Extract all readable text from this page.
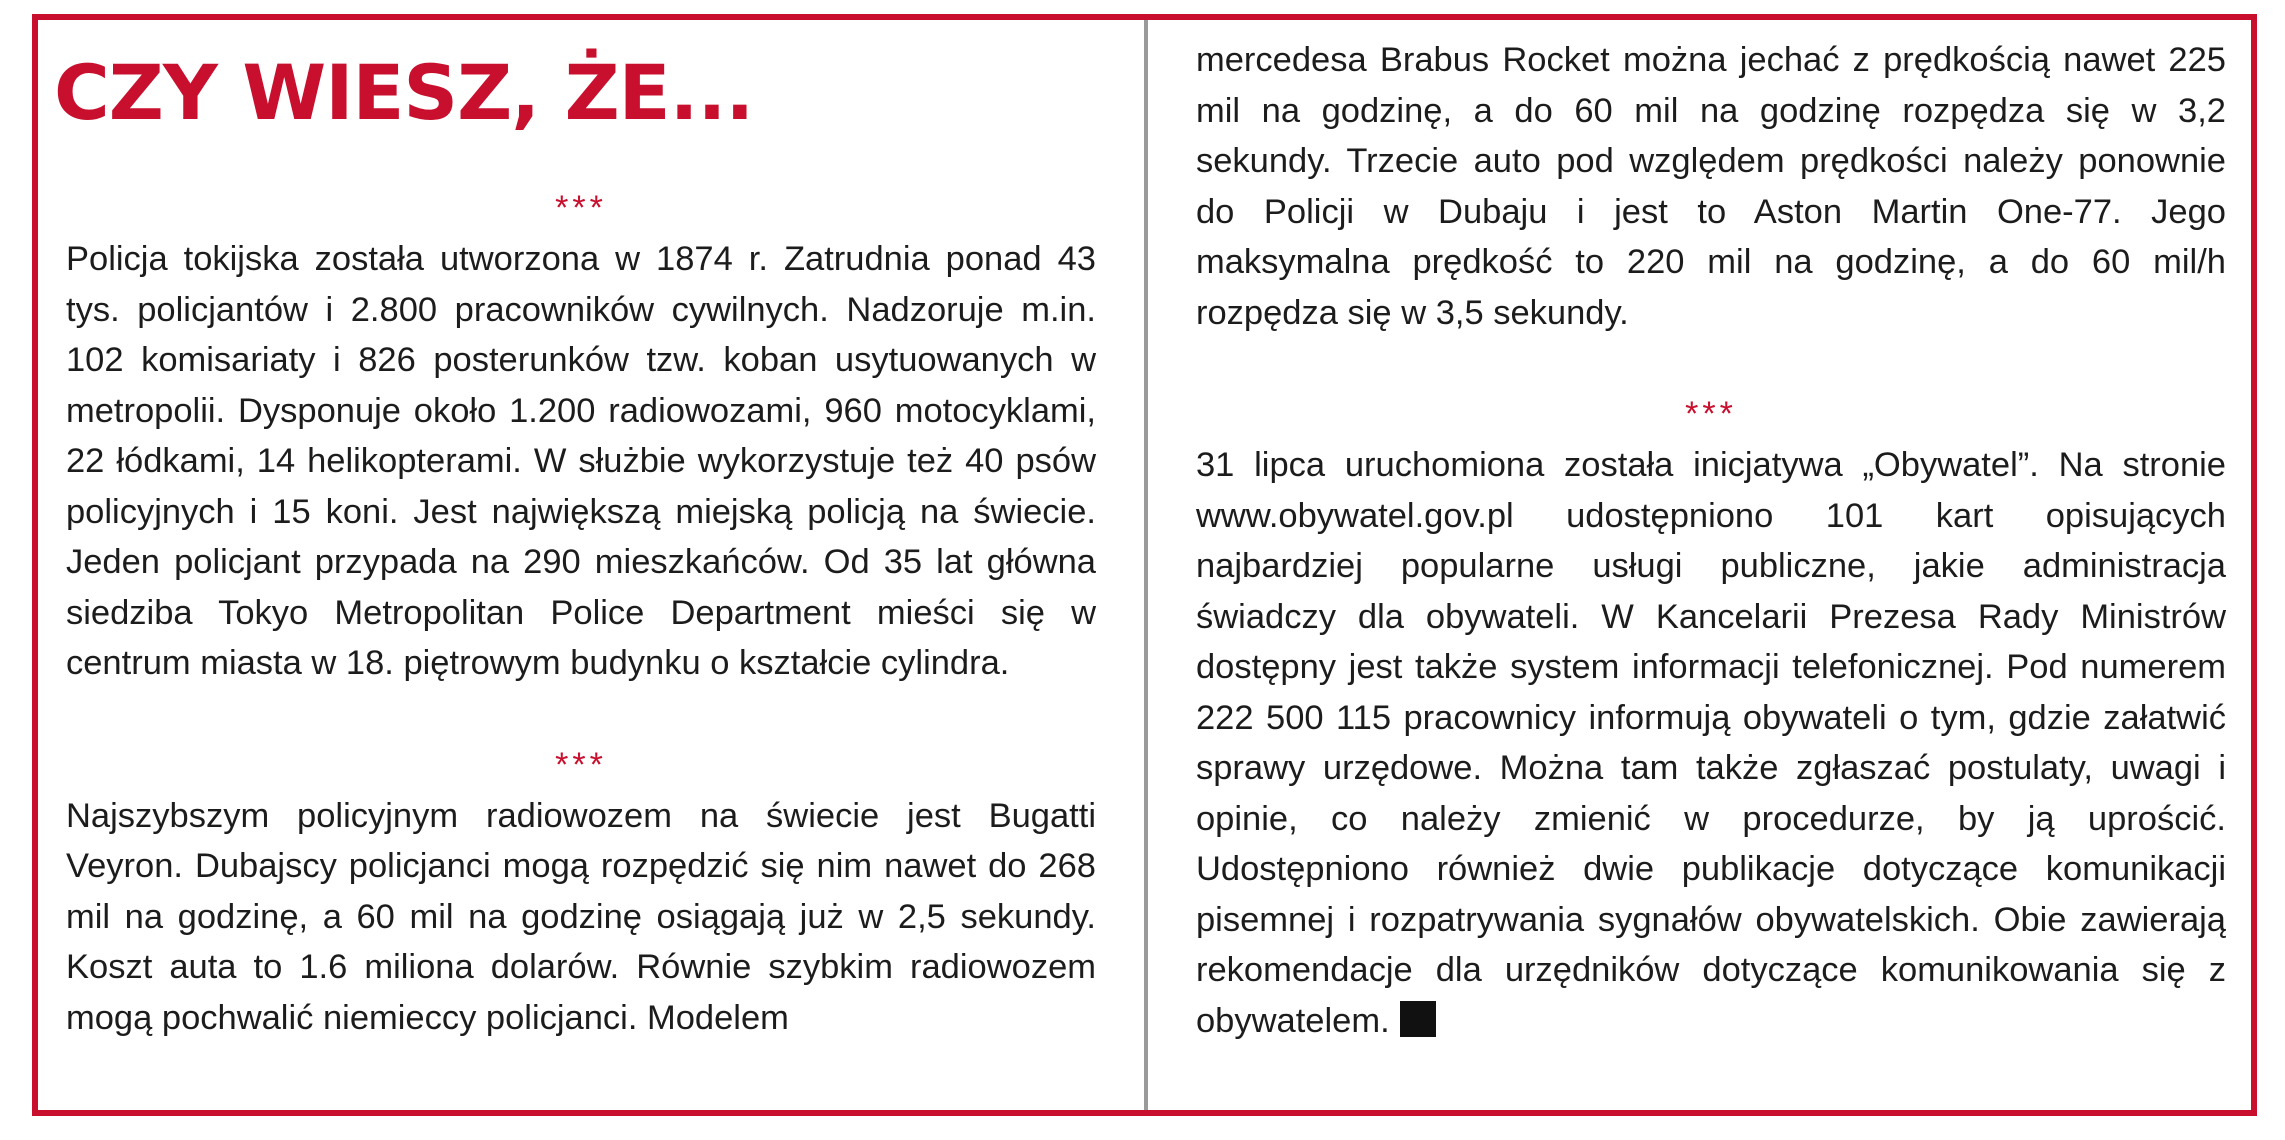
CZY WIESZ, ŻE...
***

Policja tokijska została utworzona w 1874 r. Zatrudnia ponad 43 tys. policjantów i 2.800 pracowników cywilnych. Nadzoruje m.in. 102 komisariaty i 826 posterunków tzw. koban usytuowanych w metropolii. Dysponuje około 1.200 radiowozami, 960 motocyklami, 22 łódkami, 14 helikopterami. W służbie wykorzystuje też 40 psów policyjnych i 15 koni. Jest największą miejską policją na świecie. Jeden policjant przypada na 290 mieszkańców. Od 35 lat główna siedziba Tokyo Metropolitan Police Department mieści się w centrum miasta w 18. piętrowym budynku o kształcie cylindra.

***

Najszybszym policyjnym radiowozem na świecie jest Bugatti Veyron. Dubajscy policjanci mogą rozpędzić się nim nawet do 268 mil na godzinę, a 60 mil na godzinę osiągają już w 2,5 sekundy. Koszt auta to 1.6 miliona dolarów. Równie szybkim radiowozem mogą pochwalić niemieccy policjanci. Modelem

mercedesa Brabus Rocket można jechać z prędkością nawet 225 mil na godzinę, a do 60 mil na godzinę rozpędza się w 3,2 sekundy. Trzecie auto pod względem prędkości należy ponownie do Policji w Dubaju i jest to Aston Martin One-77. Jego maksymalna prędkość to 220 mil na godzinę, a do 60 mil/h rozpędza się w 3,5 sekundy.

***

31 lipca uruchomiona została inicjatywa „Obywatel”. Na stronie www.obywatel.gov.pl udostępniono 101 kart opisujących najbardziej popularne usługi publiczne, jakie administracja świadczy dla obywateli. W Kancelarii Prezesa Rady Ministrów dostępny jest także system informacji telefonicznej. Pod numerem 222 500 115 pracownicy informują obywateli o tym, gdzie załatwić sprawy urzędowe. Można tam także zgłaszać postulaty, uwagi i opinie, co należy zmienić w procedurze, by ją uprościć. Udostępniono również dwie publikacje dotyczące komunikacji pisemnej i rozpatrywania sygnałów obywatelskich. Obie zawierają rekomendacje dla urzędników dotyczące komunikowania się z obywatelem.
